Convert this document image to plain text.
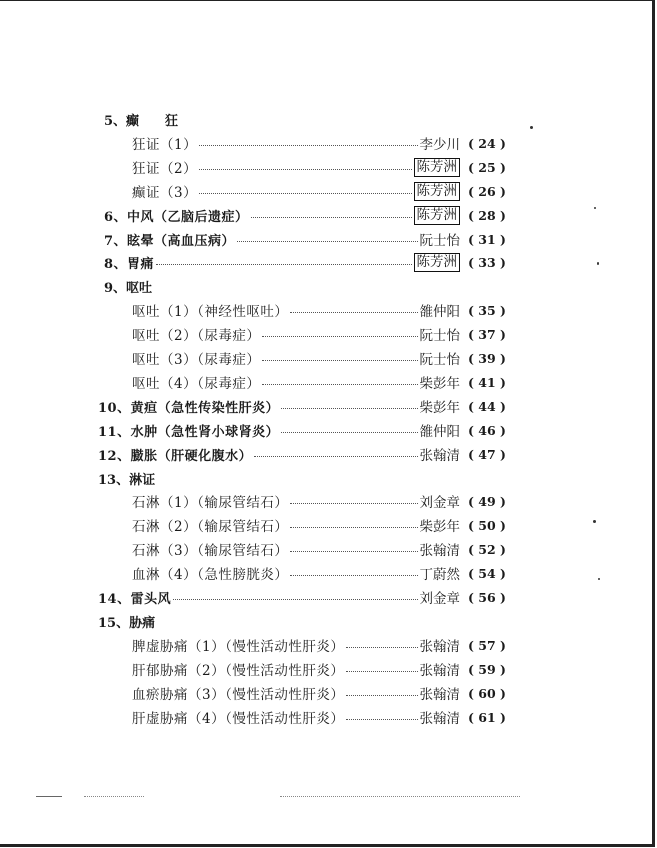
5、 癫　　狂
狂证（1）	李少川 ( 24 )
狂证（2）	陈芳洲 ( 25 )
癫证（3）	陈芳洲 ( 26 )
6、中风（乙脑后遗症）	陈芳洲 ( 28 )
7、眩晕（高血压病）	阮士怡 ( 31 )
8、胃痛	陈芳洲 ( 33 )
9、 呕吐
呕吐（1）（神经性呕吐）	雒仲阳 ( 35 )
呕吐（2）（尿毒症）	阮士怡 ( 37 )
呕吐（3）（尿毒症）	阮士怡 ( 39 )
呕吐（4）（尿毒症）	柴彭年 ( 41 )
10、黄疸（急性传染性肝炎）	柴彭年 ( 44 )
11、水肿（急性肾小球肾炎）	雒仲阳 ( 46 )
12、臌胀（肝硬化腹水）	张翰清 ( 47 )
13、 淋证
石淋（1）（输尿管结石）	刘金章 ( 49 )
石淋（2）（输尿管结石）	柴彭年 ( 50 )
石淋（3）（输尿管结石）	张翰清 ( 52 )
血淋（4）（急性膀胱炎）	丁蔚然 ( 54 )
14、雷头风	刘金章 ( 56 )
15、 胁痛
脾虚胁痛（1）（慢性活动性肝炎）	张翰清 ( 57 )
肝郁胁痛（2）（慢性活动性肝炎）	张翰清 ( 59 )
血瘀胁痛（3）（慢性活动性肝炎）	张翰清 ( 60 )
肝虚胁痛（4）（慢性活动性肝炎）	张翰清 ( 61 )
